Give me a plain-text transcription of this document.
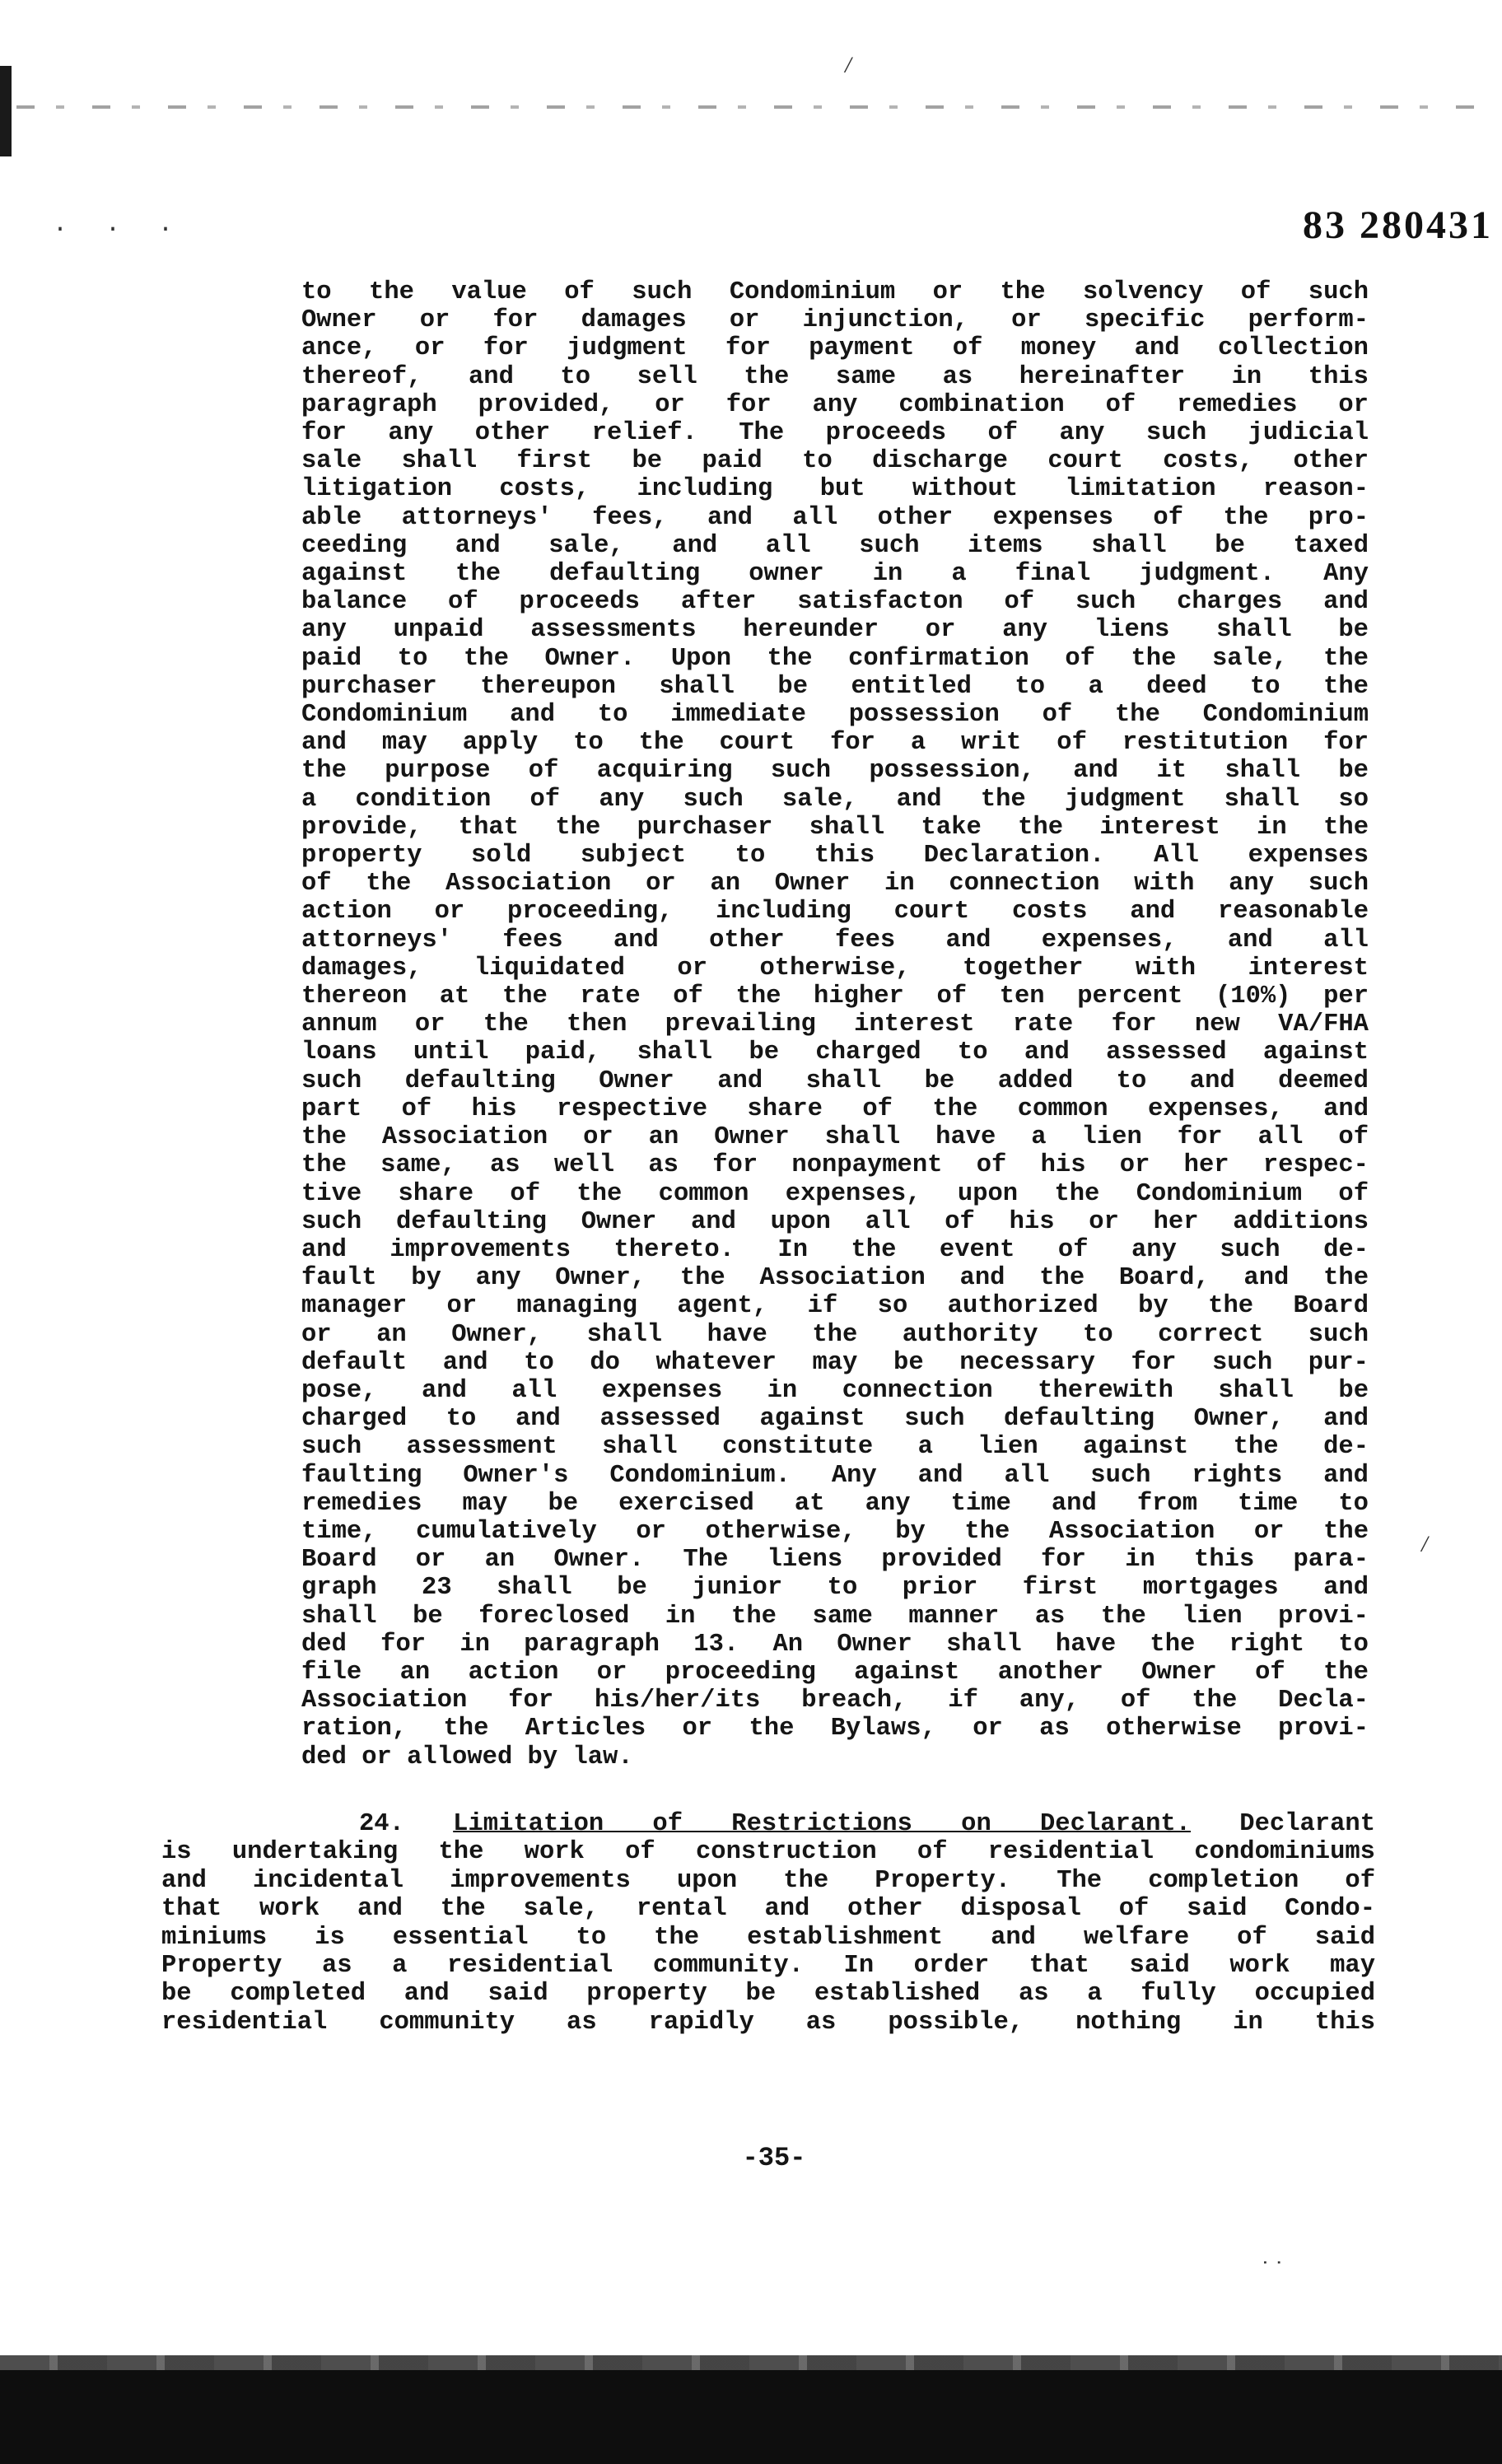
· · ·
⁄
⁄
˙˙
83 280431
to the value of such Condominium or the solvency of such
Owner or for damages or injunction, or specific perform-
ance, or for judgment for payment of money and collection
thereof, and to sell the same as hereinafter in this
paragraph provided, or for any combination of remedies or
for any other relief. The proceeds of any such judicial
sale shall first be paid to discharge court costs, other
litigation costs, including but without limitation reason-
able attorneys' fees, and all other expenses of the pro-
ceeding and sale, and all such items shall be taxed
against the defaulting owner in a final judgment. Any
balance of proceeds after satisfacton of such charges and
any unpaid assessments hereunder or any liens shall be
paid to the Owner. Upon the confirmation of the sale, the
purchaser thereupon shall be entitled to a deed to the
Condominium and to immediate possession of the Condominium
and may apply to the court for a writ of restitution for
the purpose of acquiring such possession, and it shall be
a condition of any such sale, and the judgment shall so
provide, that the purchaser shall take the interest in the
property sold subject to this Declaration. All expenses
of the Association or an Owner in connection with any such
action or proceeding, including court costs and reasonable
attorneys' fees and other fees and expenses, and all
damages, liquidated or otherwise, together with interest
thereon at the rate of the higher of ten percent (10%) per
annum or the then prevailing interest rate for new VA/FHA
loans until paid, shall be charged to and assessed against
such defaulting Owner and shall be added to and deemed
part of his respective share of the common expenses, and
the Association or an Owner shall have a lien for all of
the same, as well as for nonpayment of his or her respec-
tive share of the common expenses, upon the Condominium of
such defaulting Owner and upon all of his or her additions
and improvements thereto. In the event of any such de-
fault by any Owner, the Association and the Board, and the
manager or managing agent, if so authorized by the Board
or an Owner, shall have the authority to correct such
default and to do whatever may be necessary for such pur-
pose, and all expenses in connection therewith shall be
charged to and assessed against such defaulting Owner, and
such assessment shall constitute a lien against the de-
faulting Owner's Condominium. Any and all such rights and
remedies may be exercised at any time and from time to
time, cumulatively or otherwise, by the Association or the
Board or an Owner. The liens provided for in this para-
graph 23 shall be junior to prior first mortgages and
shall be foreclosed in the same manner as the lien provi-
ded for in paragraph 13. An Owner shall have the right to
file an action or proceeding against another Owner of the
Association for his/her/its breach, if any, of the Decla-
ration, the Articles or the Bylaws, or as otherwise provi-
ded or allowed by law.
24. Limitation of Restrictions on Declarant. Declarant
is undertaking the work of construction of residential condominiums
and incidental improvements upon the Property. The completion of
that work and the sale, rental and other disposal of said Condo-
miniums is essential to the establishment and welfare of said
Property as a residential community. In order that said work may
be completed and said property be established as a fully occupied
residential community as rapidly as possible, nothing in this
-35-
